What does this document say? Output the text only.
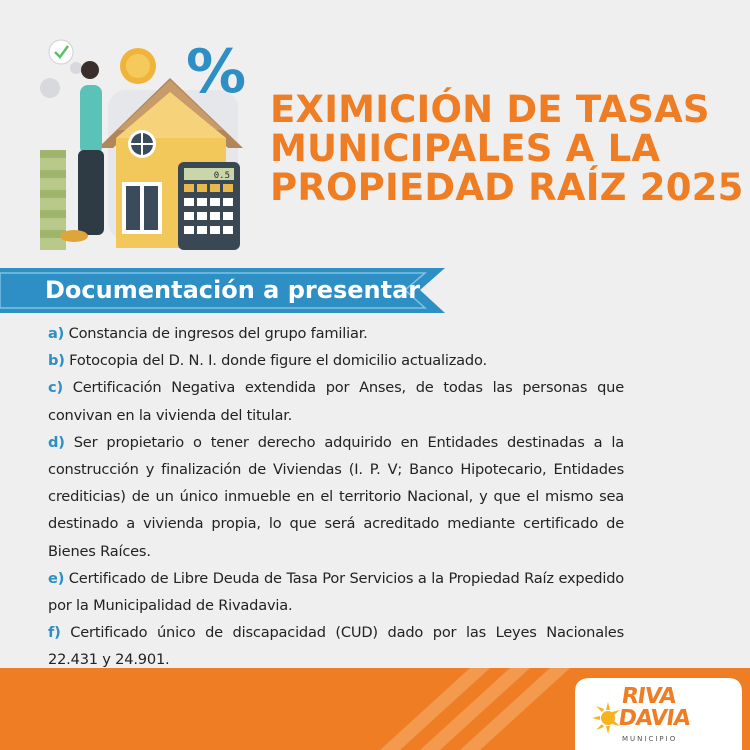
%
0.5
EXIMICIÓN DE TASAS
MUNICIPALES A LA
PROPIEDAD RAÍZ 2025
Documentación a presentar
a) Constancia de ingresos del grupo familiar.
b) Fotocopia del D. N. I. donde figure el domicilio actualizado.
c) Certificación Negativa extendida por Anses, de todas las personas que convivan en la vivienda del titular.
d) Ser propietario o tener derecho adquirido en Entidades destinadas a la construcción y finalización de Viviendas (I. P. V; Banco Hipotecario, Entidades crediticias) de un único inmueble en el territorio Nacional, y que el mismo sea destinado a vivienda propia, lo que será acreditado mediante certificado de Bienes Raíces.
e) Certificado de Libre Deuda de Tasa Por Servicios a la Propiedad Raíz expedido por la Municipalidad de Rivadavia.
f) Certificado único de discapacidad (CUD) dado por las Leyes Nacionales 22.431 y 24.901.
RIVA
DAVIA
MUNICIPIO
